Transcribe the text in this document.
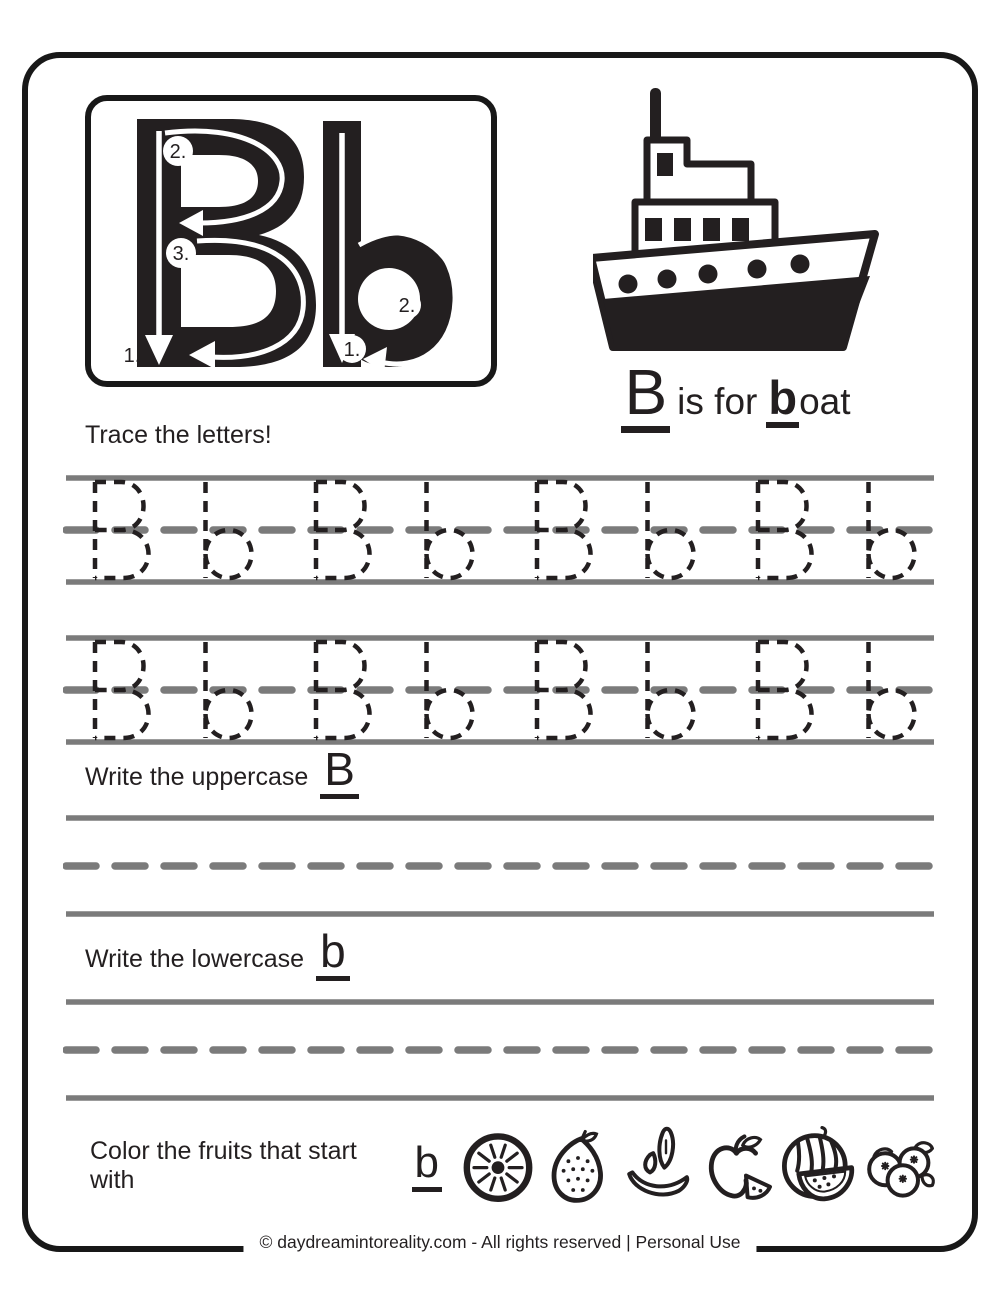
2.
3.
1.
2.
1.
B is for b oat
Trace the letters!
Write the uppercase B
Write the lowercase b
Color the fruits that start with	b
© daydreamintoreality.com - All rights reserved | Personal Use
